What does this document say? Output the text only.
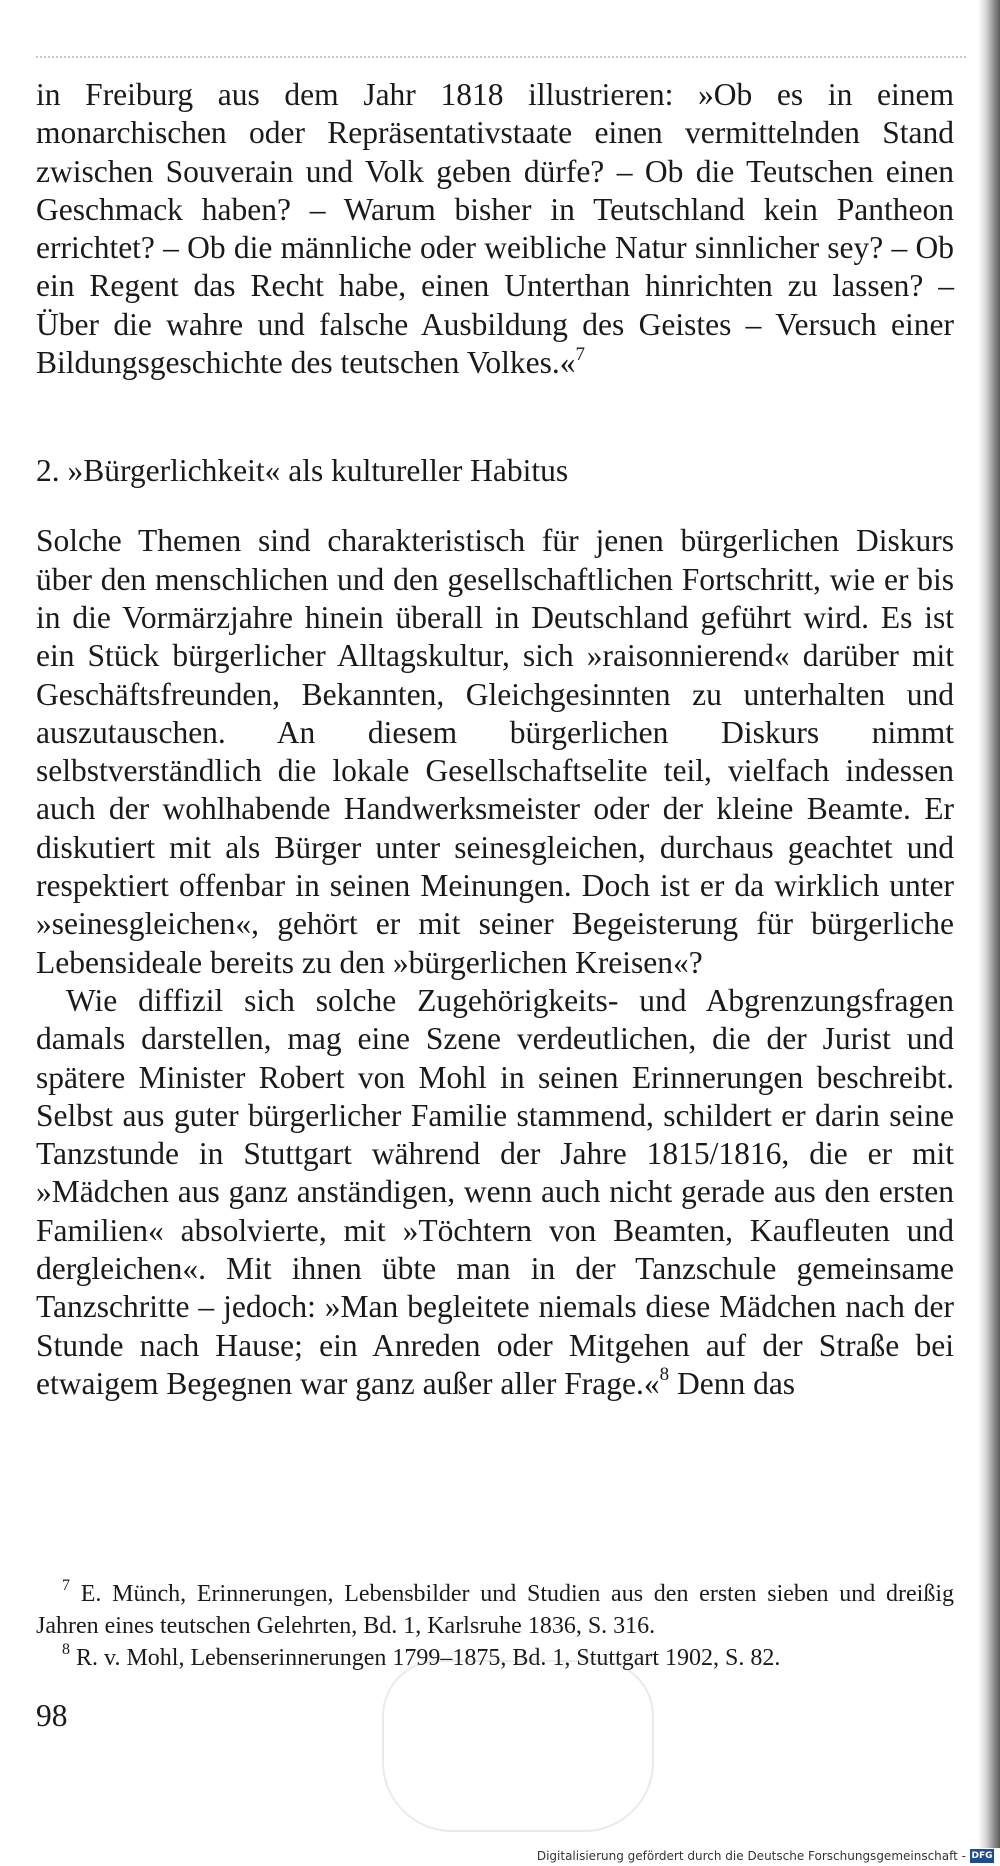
in Freiburg aus dem Jahr 1818 illustrieren: »Ob es in einem monarchischen oder Repräsentativstaate einen vermittelnden Stand zwischen Souverain und Volk geben dürfe? – Ob die Teutschen einen Geschmack haben? – Warum bisher in Teutschland kein Pantheon errichtet? – Ob die männliche oder weibliche Natur sinnlicher sey? – Ob ein Regent das Recht habe, einen Unterthan hinrichten zu lassen? – Über die wahre und falsche Ausbildung des Geistes – Versuch einer Bildungsgeschichte des teutschen Volkes.«$^7$

2. »Bürgerlichkeit« als kultureller Habitus

Solche Themen sind charakteristisch für jenen bürgerlichen Diskurs über den menschlichen und den gesellschaftlichen Fortschritt, wie er bis in die Vormärzjahre hinein überall in Deutschland geführt wird. Es ist ein Stück bürgerlicher Alltagskultur, sich »raisonnierend« darüber mit Geschäftsfreunden, Bekannten, Gleichgesinnten zu unterhalten und auszutauschen. An diesem bürgerlichen Diskurs nimmt selbstverständlich die lokale Gesellschaftselite teil, vielfach indessen auch der wohlhabende Handwerksmeister oder der kleine Beamte. Er diskutiert mit als Bürger unter seinesgleichen, durchaus geachtet und respektiert offenbar in seinen Meinungen. Doch ist er da wirklich unter »seinesgleichen«, gehört er mit seiner Begeisterung für bürgerliche Lebensideale bereits zu den »bürgerlichen Kreisen«?

Wie diffizil sich solche Zugehörigkeits- und Abgrenzungsfragen damals darstellen, mag eine Szene verdeutlichen, die der Jurist und spätere Minister Robert von Mohl in seinen Erinnerungen beschreibt. Selbst aus guter bürgerlicher Familie stammend, schildert er darin seine Tanzstunde in Stuttgart während der Jahre 1815/1816, die er mit »Mädchen aus ganz anständigen, wenn auch nicht gerade aus den ersten Familien« absolvierte, mit »Töchtern von Beamten, Kaufleuten und dergleichen«. Mit ihnen übte man in der Tanzschule gemeinsame Tanzschritte – jedoch: »Man begleitete niemals diese Mädchen nach der Stunde nach Hause; ein Anreden oder Mitgehen auf der Straße bei etwaigem Begegnen war ganz außer aller Frage.«$^8$ Denn das

$^7$ E. Münch, Erinnerungen, Lebensbilder und Studien aus den ersten sieben und dreißig Jahren eines teutschen Gelehrten, Bd. 1, Karlsruhe 1836, S. 316.

$^8$ R. v. Mohl, Lebenserinnerungen 1799–1875, Bd. 1, Stuttgart 1902, S. 82.

98
Digitalisierung gefördert durch die Deutsche Forschungsgemeinschaft - DFG
